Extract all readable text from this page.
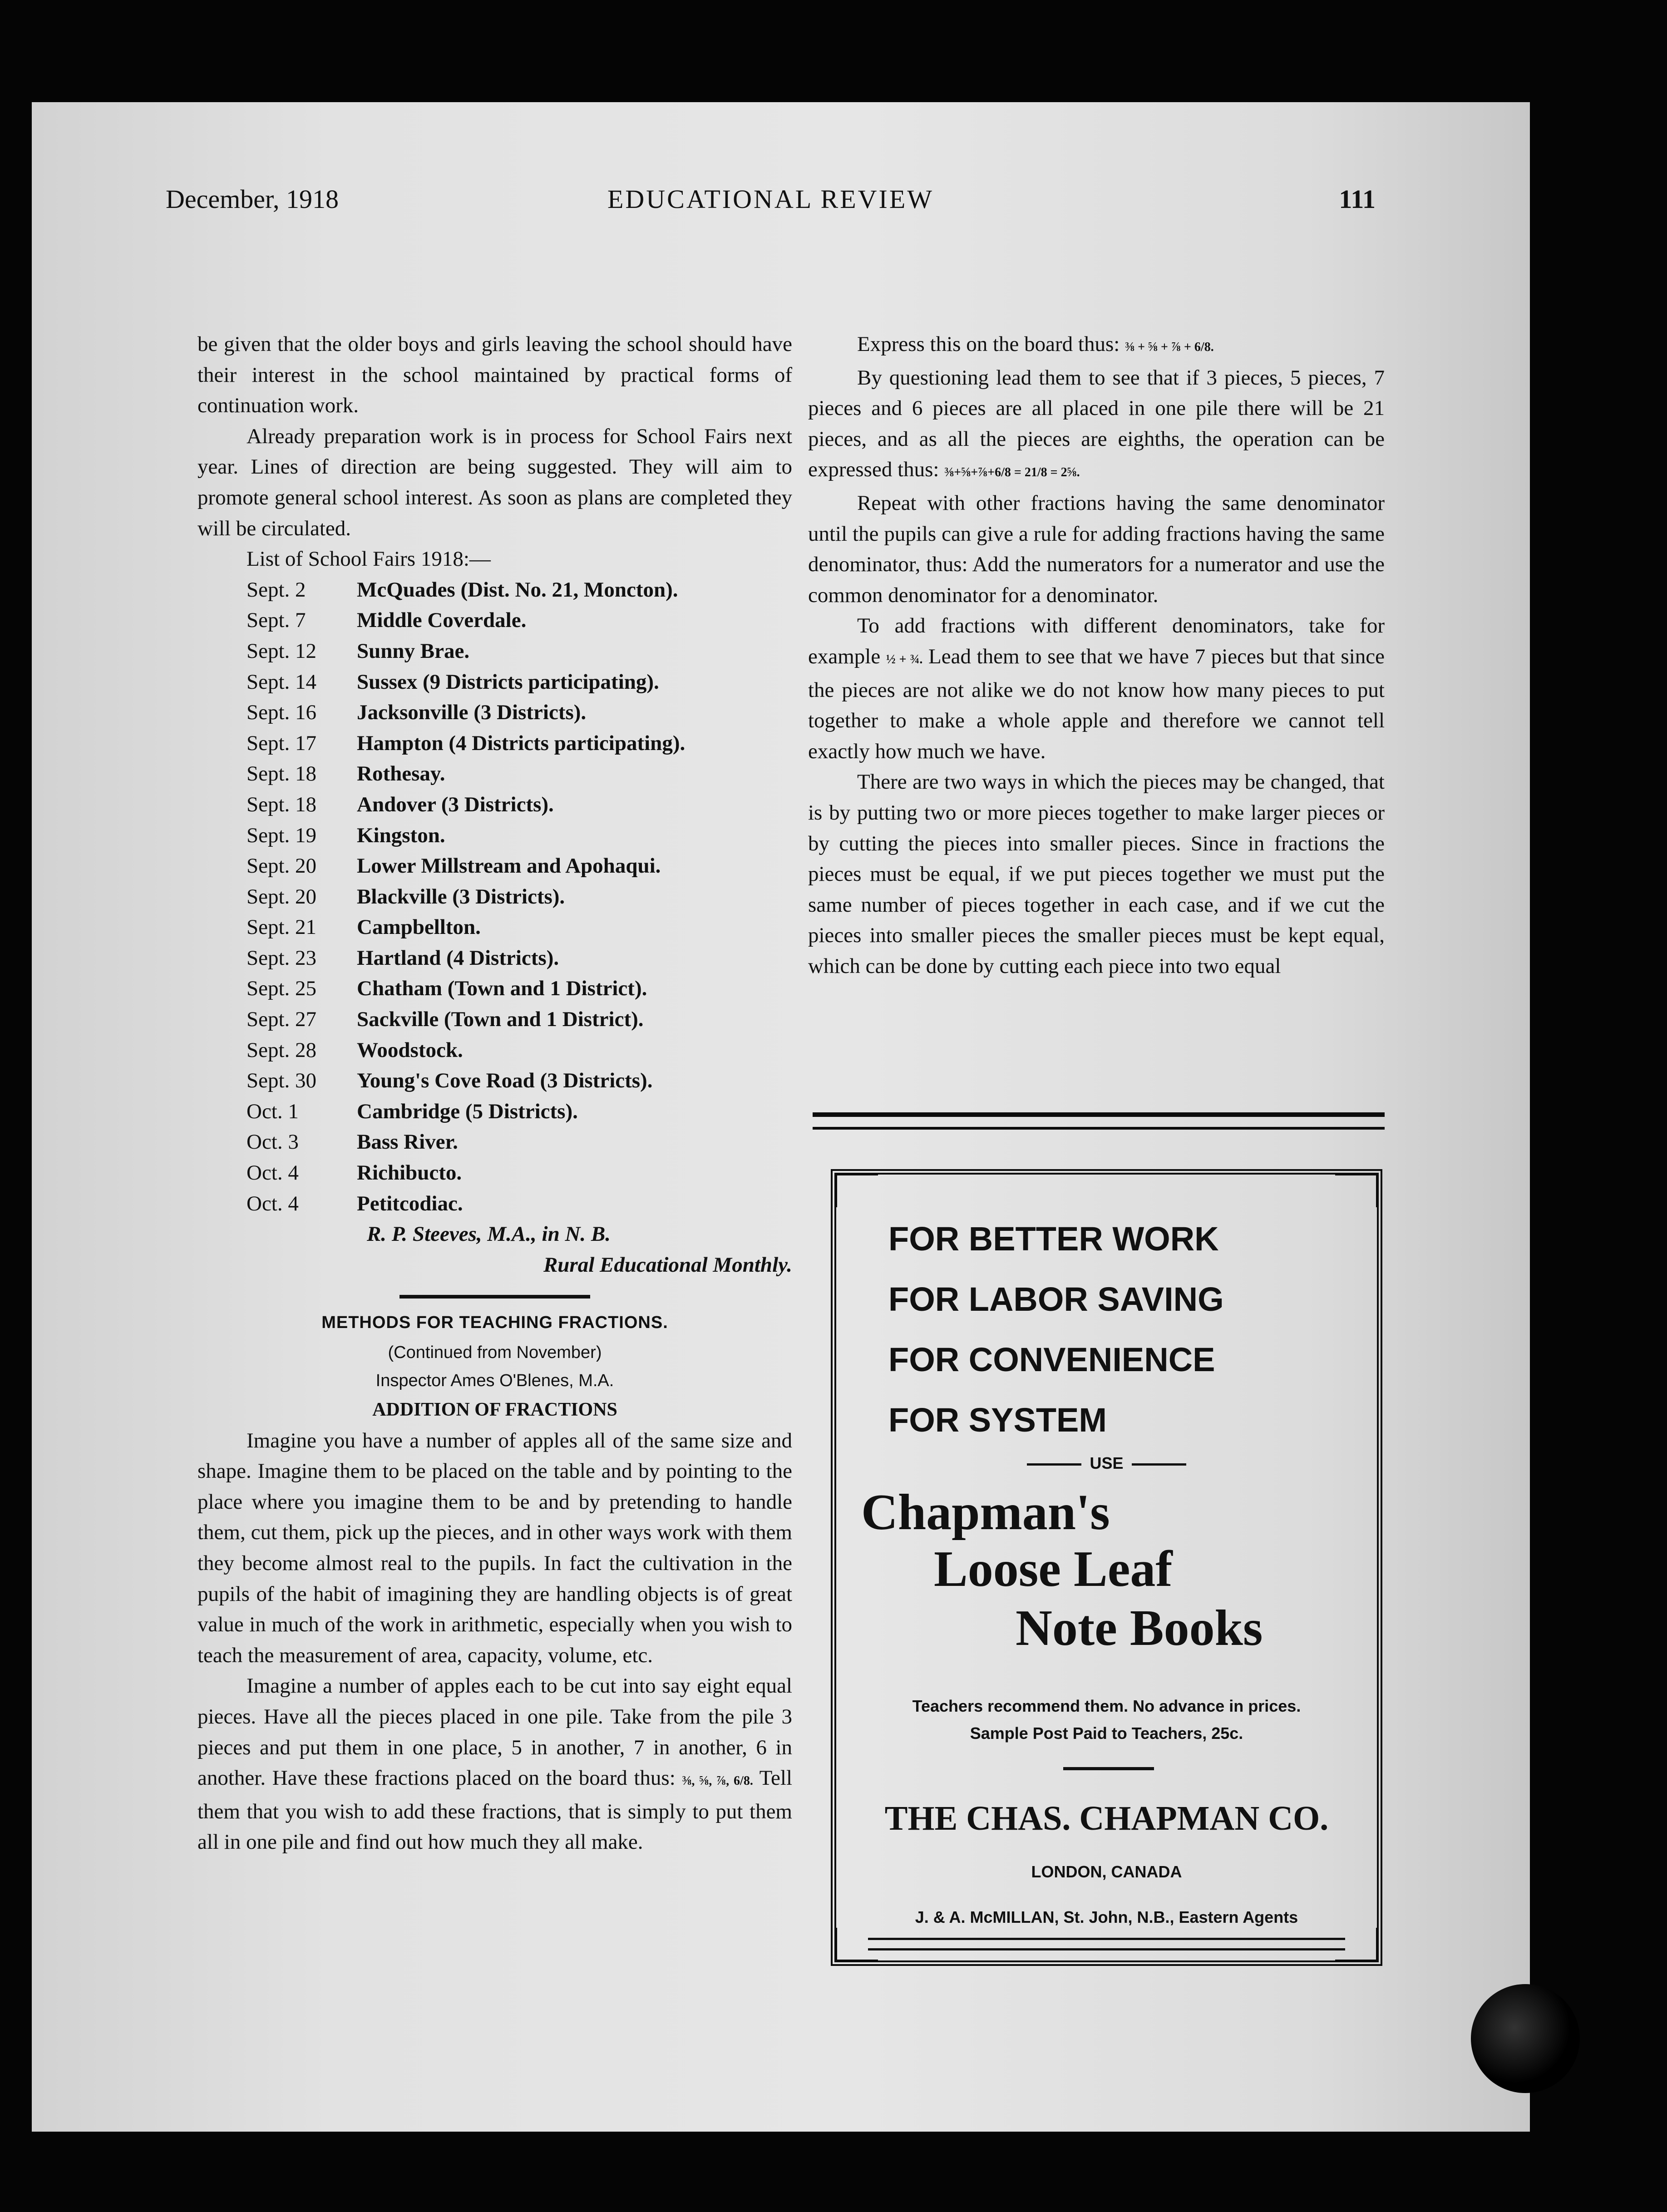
December, 1918	EDUCATIONAL REVIEW	111

be given that the older boys and girls leaving the school should have their interest in the school maintained by practical forms of continuation work.

Already preparation work is in process for School Fairs next year. Lines of direction are being suggested. They will aim to promote general school interest. As soon as plans are completed they will be circulated.

List of School Fairs 1918:—

Sept. 2	McQuades (Dist. No. 21, Moncton).
Sept. 7	Middle Coverdale.
Sept. 12	Sunny Brae.
Sept. 14	Sussex (9 Districts participating).
Sept. 16	Jacksonville (3 Districts).
Sept. 17	Hampton (4 Districts participating).
Sept. 18	Rothesay.
Sept. 18	Andover (3 Districts).
Sept. 19	Kingston.
Sept. 20	Lower Millstream and Apohaqui.
Sept. 20	Blackville (3 Districts).
Sept. 21	Campbellton.
Sept. 23	Hartland (4 Districts).
Sept. 25	Chatham (Town and 1 District).
Sept. 27	Sackville (Town and 1 District).
Sept. 28	Woodstock.
Sept. 30	Young's Cove Road (3 Districts).
Oct. 1	Cambridge (5 Districts).
Oct. 3	Bass River.
Oct. 4	Richibucto.
Oct. 4	Petitcodiac.
R. P. Steeves, M.A., in N. B.
Rural Educational Monthly.
METHODS FOR TEACHING FRACTIONS.
(Continued from November)
Inspector Ames O'Blenes, M.A.
ADDITION OF FRACTIONS

Imagine you have a number of apples all of the same size and shape. Imagine them to be placed on the table and by pointing to the place where you imagine them to be and by pretending to handle them, cut them, pick up the pieces, and in other ways work with them they become almost real to the pupils. In fact the cultivation in the pupils of the habit of imagining they are handling objects is of great value in much of the work in arithmetic, especially when you wish to teach the measurement of area, capacity, volume, etc.

Imagine a number of apples each to be cut into say eight equal pieces. Have all the pieces placed in one pile. Take from the pile 3 pieces and put them in one place, 5 in another, 7 in another, 6 in another. Have these fractions placed on the board thus: ⅜, ⅝, ⅞, 6/8. Tell them that you wish to add these fractions, that is simply to put them all in one pile and find out how much they all make.

Express this on the board thus: ⅜ + ⅝ + ⅞ + 6/8.

By questioning lead them to see that if 3 pieces, 5 pieces, 7 pieces and 6 pieces are all placed in one pile there will be 21 pieces, and as all the pieces are eighths, the operation can be expressed thus: ⅜+⅝+⅞+6/8 = 21/8 = 2⅝.

Repeat with other fractions having the same denominator until the pupils can give a rule for adding fractions having the same denominator, thus: Add the numerators for a numerator and use the common denominator for a denominator.

To add fractions with different denominators, take for example ½ + ¾. Lead them to see that we have 7 pieces but that since the pieces are not alike we do not know how many pieces to put together to make a whole apple and therefore we cannot tell exactly how much we have.

There are two ways in which the pieces may be changed, that is by putting two or more pieces together to make larger pieces or by cutting the pieces into smaller pieces. Since in fractions the pieces must be equal, if we put pieces together we must put the same number of pieces together in each case, and if we cut the pieces into smaller pieces the smaller pieces must be kept equal, which can be done by cutting each piece into two equal

FOR BETTER WORK
FOR LABOR SAVING
FOR CONVENIENCE
FOR SYSTEM
USE
Chapman's
Loose Leaf
Note Books
Teachers recommend them. No advance in prices.
Sample Post Paid to Teachers, 25c.
THE CHAS. CHAPMAN CO.
LONDON, CANADA
J. & A. McMILLAN, St. John, N.B., Eastern Agents
